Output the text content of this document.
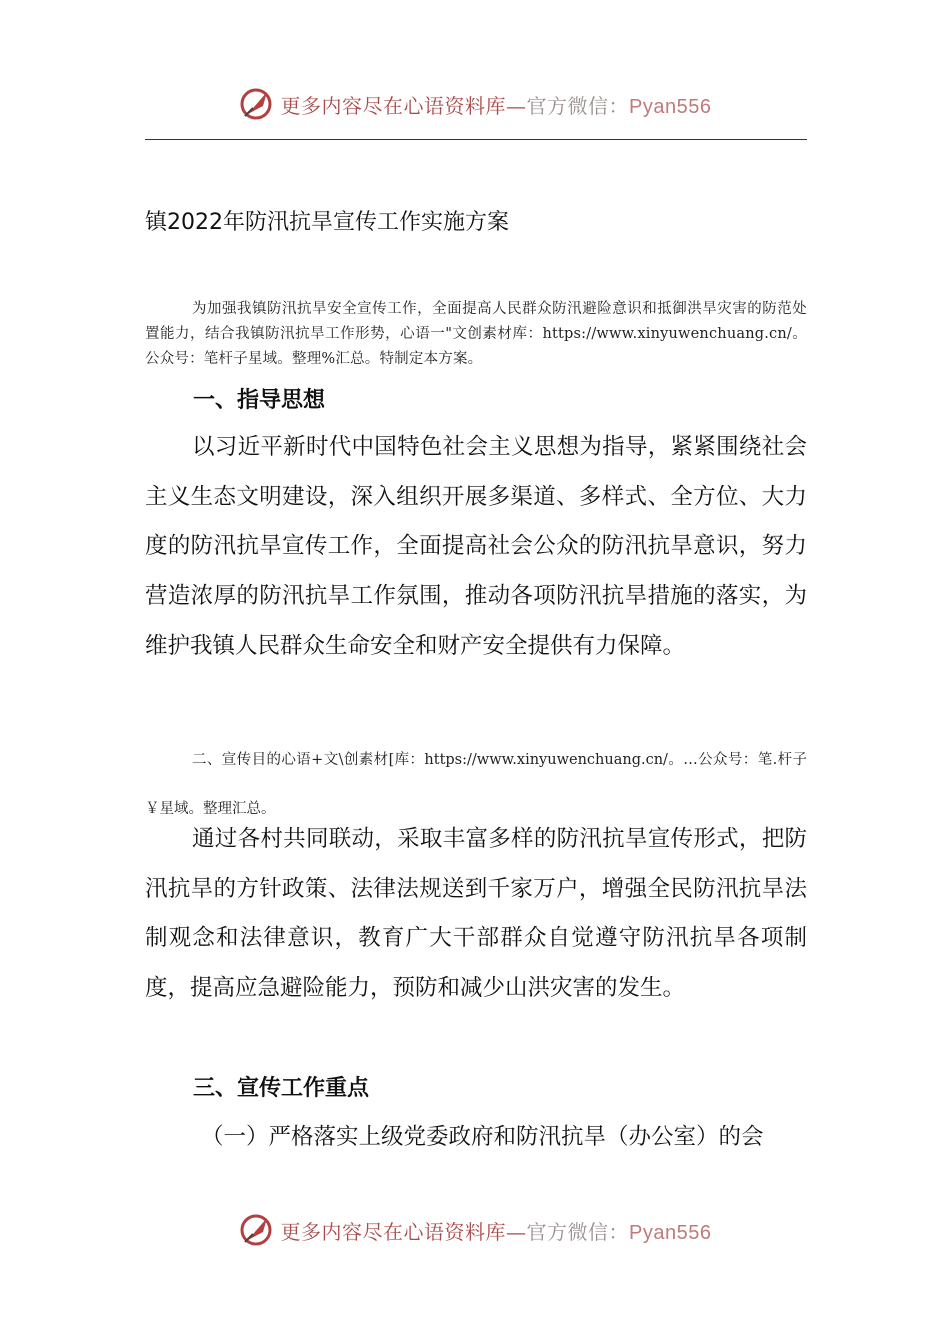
更多内容尽在心语资料库—官方微信：Pyan556
镇2022年防汛抗旱宣传工作实施方案
为加强我镇防汛抗旱安全宣传工作，全面提高人民群众防汛避险意识和抵御洪旱灾害的防范处置能力，结合我镇防汛抗旱工作形势，心语一"文创素材库：https://www.xinyuwenchuang.cn/。公众号：笔杆子星域。整理%汇总。特制定本方案。
一、指导思想
以习近平新时代中国特色社会主义思想为指导，紧紧围绕社会主义生态文明建设，深入组织开展多渠道、多样式、全方位、大力度的防汛抗旱宣传工作，全面提高社会公众的防汛抗旱意识，努力营造浓厚的防汛抗旱工作氛围，推动各项防汛抗旱措施的落实，为维护我镇人民群众生命安全和财产安全提供有力保障。
二、宣传目的心语+文\创素材[库：https://www.xinyuwenchuang.cn/。…公众号：笔.杆子￥星域。整理汇总。
通过各村共同联动，采取丰富多样的防汛抗旱宣传形式，把防汛抗旱的方针政策、法律法规送到千家万户，增强全民防汛抗旱法制观念和法律意识，教育广大干部群众自觉遵守防汛抗旱各项制度，提高应急避险能力，预防和减少山洪灾害的发生。
三、宣传工作重点
（一）严格落实上级党委政府和防汛抗旱（办公室）的会
更多内容尽在心语资料库—官方微信：Pyan556
